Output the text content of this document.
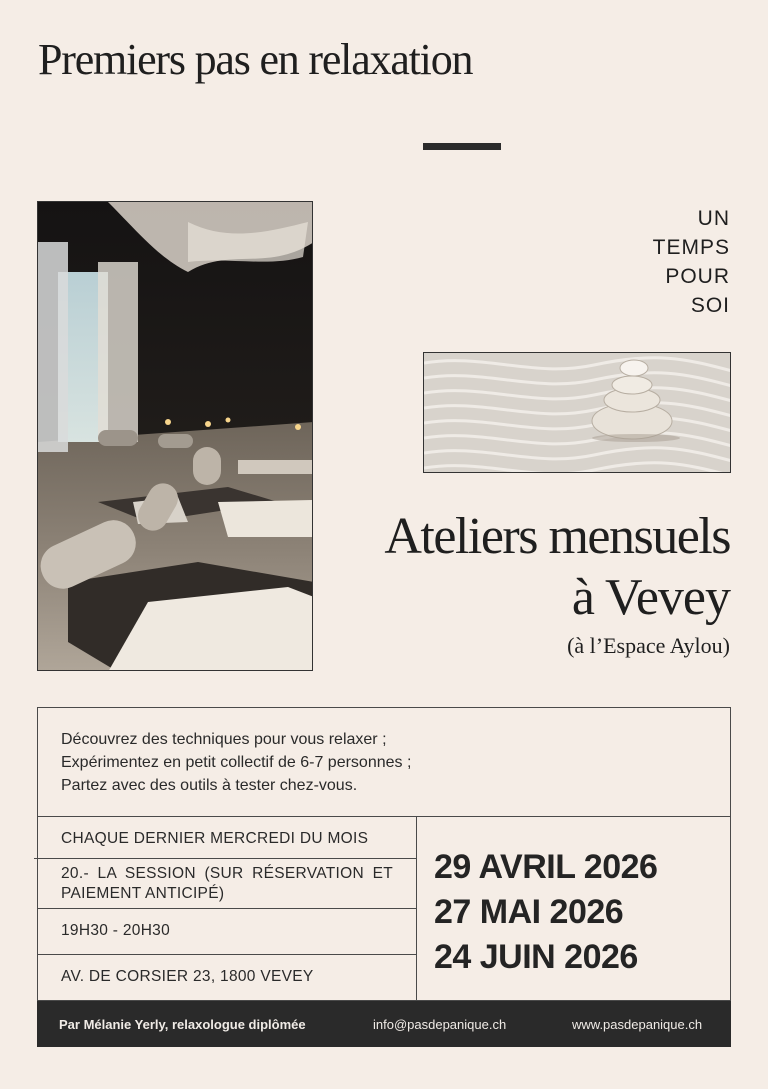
Premiers pas en relaxation
UN
TEMPS
POUR
SOI
Ateliers mensuels
à Vevey
(à l’Espace Aylou)
Découvrez des techniques pour vous relaxer ;
Expérimentez en petit collectif de 6-7 personnes ;
Partez avec des outils à tester chez-vous.
CHAQUE DERNIER MERCREDI DU MOIS
20.- LA SESSION (SUR RÉSERVATION ET PAIEMENT ANTICIPÉ)
19H30 - 20H30
AV. DE CORSIER 23, 1800 VEVEY
29 AVRIL 2026
27 MAI 2026
24 JUIN 2026
Par Mélanie Yerly, relaxologue diplômée	info@pasdepanique.ch	www.pasdepanique.ch
